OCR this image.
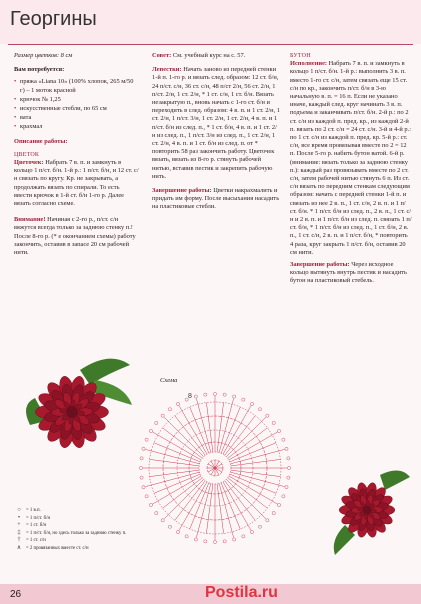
Георгины
Размер цветков: 8 см
Вам потребуется:
• пряжа «Liana 10» (100% хлопок, 265 м/50 г) – 1 моток красной
• крючок № 1,25
• искусственные стебли, по 65 см
• вата
• крахмал
Описание работы:
ЦВЕТОК
Цветочек: Набрать 7 в. п. и замкнуть в кольцо 1 п/ст. б/н. 1-й р.: 1 п/ст. б/н, и 12 ст. с/н связать по кругу. Кр. не закрывать, а продолжать вязать по спирали. То есть ввести крючок в 1-й ст. б/н 1-го р. Далее вязать согласно схеме.
Внимание! Начиная с 2-го р., п/ст. с/н вяжутся всегда только за заднюю стенку п.! После 8-го р. (* е окончанием схемы) работу закончить, оставив в запасе 20 см рабочей нити.
Совет: См. учебный курс на с. 57.
Лепестки: Начать заново из передней стенки 1-й п. 1-го р. и вязать след. образом: 12 ст. б/н, 24 п/ст. с/н, 36 ст. с/н, 48 п/ст 2/н, 56 ст. 2/н, 1 п/ст. 2/н, 1 ст. 2/н, * 1 ст. с/н, 1 ст. б/н. Вязать незакрытую п., вновь начать с 1-го ст. б/н и переходить в след. образом: 4 в. п. и 1 ст. 2/н, 1 ст. 2/н, 1 п/ст. 3/н, 1 ст. 2/н, 1 ст. 2/н, 4 в. п. и 1 п/ст. б/н из след. п., * 1 ст. б/н, 4 в. п. и 1 ст. 2/н из след. п., 1 п/ст. 3/н из след. п., 1 ст. 2/н, 1 ст. 2/н, 4 в. п. и 1 ст. б/н из след. п. от * повторить 58 раз закончить работу. Цветочек вязать, вязать из 8-го р. стянуть рабочей нитью, вставив пестик и закрепить рабочую нить.
Завершение работы: Цветки накрахмалить и придать им форму. После высыхания насадить на пластиковые стебли.
БУТОН
Исполнение: Набрать 7 в. п. и замкнуть в кольцо 1 п/ст. б/н. 1-й р.: выполнить 3 в. п. вместо 1-го ст. с/н, затем связать еще 15 ст. с/н по кр., закончить п/ст. б/н в 3-ю начальную в. п. = 16 п. Если не указано иначе, каждый след. круг начинать 3 в. п. подъема и заканчивать п/ст. б/н. 2-й р.: по 2 ст. с/н из каждой п. пред. кр., из каждой 2-й п. вязать по 2 ст. с/н = 24 ст. с/н. 3-й и 4-й р.: по 1 ст. с/н из каждой п. пред. кр. 5-й р.: ст. с/н, все время провязывая вместе по 2 = 12 п. После 5-го р. набить бутон ватой. 6-й р. (внимание: вязать только за заднюю стенку п.): каждый раз провязывать вместе по 2 ст. с/н, затем рабочей нитью стянуть 6 п. Из ст. с/н вязать по передним стенкам следующим образом: начать с передней стенки 1-й п. и связать из нее 2 в. п., 1 ст. с/н, 2 в. п. и 1 п/ст. б/н. * 1 п/ст. б/н из след. п., 2 в. п., 1 ст. с/н и 2 в. п. и 1 п/ст. б/н из след. п. связать 1 п/ст. б/н, * 1 п/ст. б/н из след. п., 1 ст. б/н, 2 в. п., 1 ст. с/н, 2 в. п. и 1 п/ст. б/н, * повторить 4 раза, круг закрыть 1 п/ст. б/н, оставив 20 см нити.
Завершение работы: Через исходное кольцо вытянуть внутрь пестик и насадить бутон на пластиковый стебель.
Схема
8
○	= 1 в.п.
•	= 1 п/ст. б/н
+	= 1 ст. б/н
‡	= 1 п/ст. б/н, но здесь только за заднюю стенку п.
†	= 1 ст. с/н
∧ = 2 провязанных вместе ст. с/н
26	Postila.ru
